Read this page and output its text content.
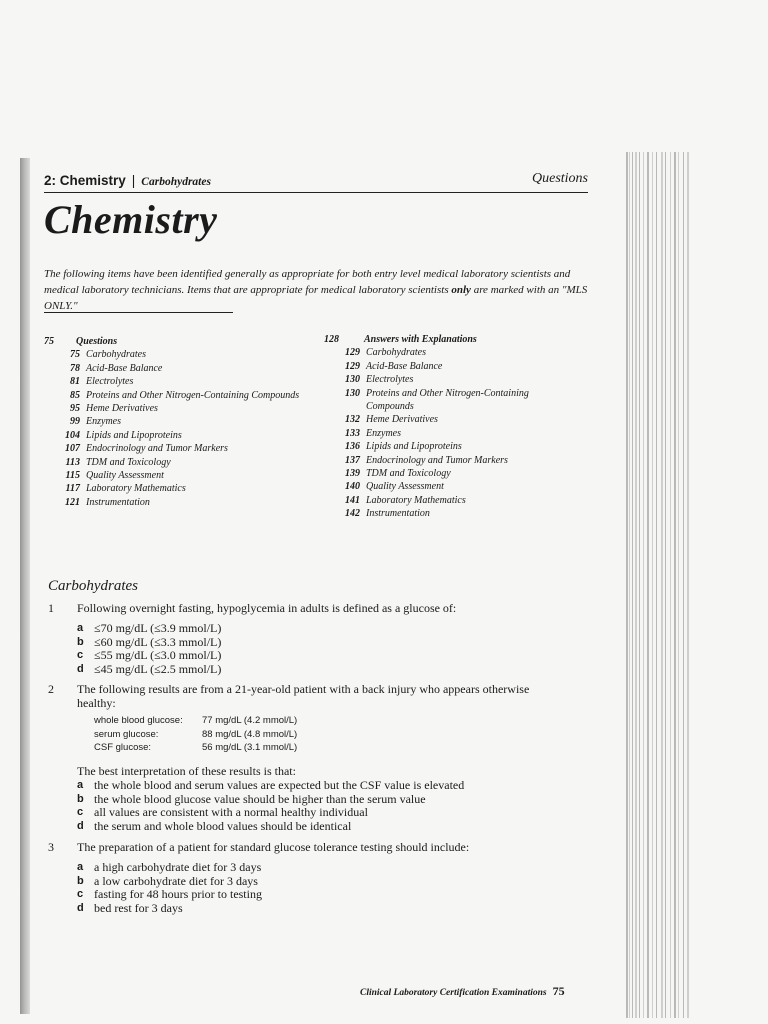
2: Chemistry | Carbohydrates	Questions
Chemistry
The following items have been identified generally as appropriate for both entry level medical laboratory scientists and medical laboratory technicians. Items that are appropriate for medical laboratory scientists only are marked with an "MLS ONLY."
75	Questions
75 Carbohydrates
78 Acid-Base Balance
81 Electrolytes
85 Proteins and Other Nitrogen-Containing Compounds
95 Heme Derivatives
99 Enzymes
104 Lipids and Lipoproteins
107 Endocrinology and Tumor Markers
113 TDM and Toxicology
115 Quality Assessment
117 Laboratory Mathematics
121 Instrumentation
128	Answers with Explanations
129 Carbohydrates
129 Acid-Base Balance
130 Electrolytes
130 Proteins and Other Nitrogen-Containing Compounds
132 Heme Derivatives
133 Enzymes
136 Lipids and Lipoproteins
137 Endocrinology and Tumor Markers
139 TDM and Toxicology
140 Quality Assessment
141 Laboratory Mathematics
142 Instrumentation
Carbohydrates
1 Following overnight fasting, hypoglycemia in adults is defined as a glucose of:
a ≤70 mg/dL (≤3.9 mmol/L)
b ≤60 mg/dL (≤3.3 mmol/L)
c ≤55 mg/dL (≤3.0 mmol/L)
d ≤45 mg/dL (≤2.5 mmol/L)
2 The following results are from a 21-year-old patient with a back injury who appears otherwise healthy:
whole blood glucose:	77 mg/dL (4.2 mmol/L)
serum glucose:	88 mg/dL (4.8 mmol/L)
CSF glucose:	56 mg/dL (3.1 mmol/L)
The best interpretation of these results is that:
a the whole blood and serum values are expected but the CSF value is elevated
b the whole blood glucose value should be higher than the serum value
c all values are consistent with a normal healthy individual
d the serum and whole blood values should be identical
3 The preparation of a patient for standard glucose tolerance testing should include:
a a high carbohydrate diet for 3 days
b a low carbohydrate diet for 3 days
c fasting for 48 hours prior to testing
d bed rest for 3 days
Clinical Laboratory Certification Examinations 75
